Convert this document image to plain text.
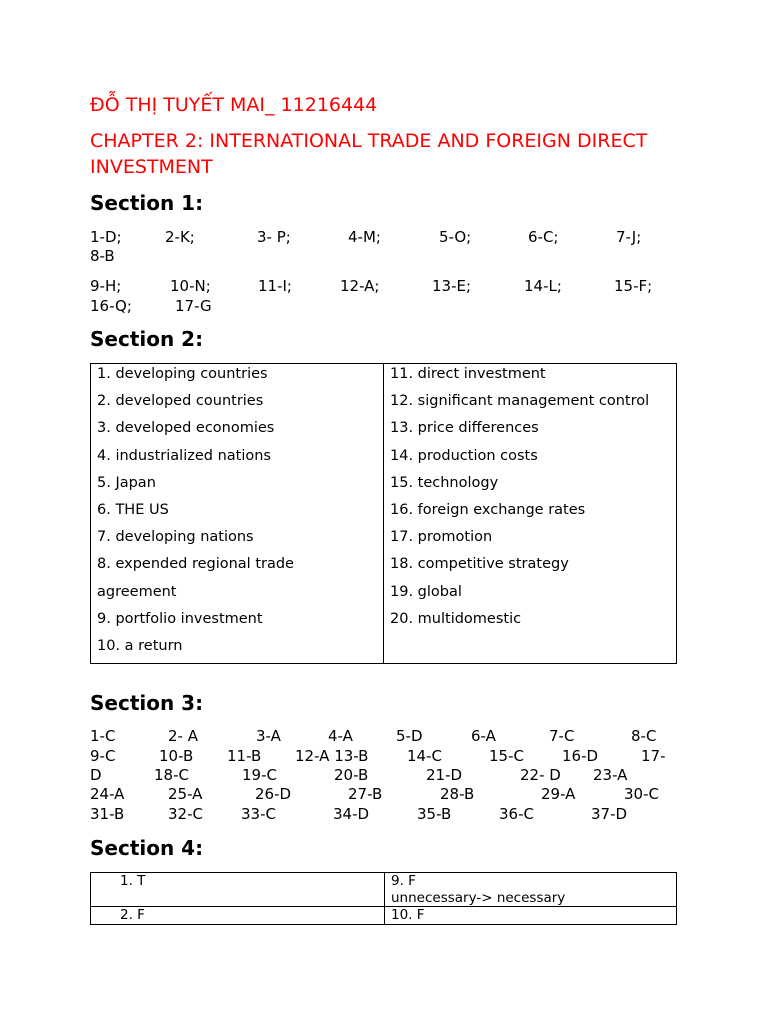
ĐỖ THỊ TUYẾT MAI_ 11216444
CHAPTER 2: INTERNATIONAL TRADE AND FOREIGN DIRECT INVESTMENT
Section 1:
1-D;	2-K;	3- P;	4-M;	5-O;	6-C;	7-J;
8-B
9-H;	10-N;	11-I;	12-A;	13-E;	14-L;	15-F;
16-Q;	17-G
Section 2:
1. developing countries
2. developed countries
3. developed economies
4. industrialized nations
5. Japan
6. THE US
7. developing nations
8. expended regional trade
agreement
9. portfolio investment
10. a return

11. direct investment
12. significant management control
13. price differences
14. production costs
15. technology
16. foreign exchange rates
17. promotion
18. competitive strategy
19. global
20. multidomestic
Section 3:
1-C	2- A	3-A	4-A	5-D	6-A	7-C	8-C
9-C	10-B 11-B 12-A 13-B	14-C	15-C	16-D	17-
D	18-C	19-C	20-B	21-D	22- D 23-A
24-A	25-A	26-D	27-B	28-B	29-A	30-C
31-B	32-C	33-C	34-D	35-B	36-C	37-D
Section 4:
1. T	9. F
unnecessary-> necessary

2. F	10. F
